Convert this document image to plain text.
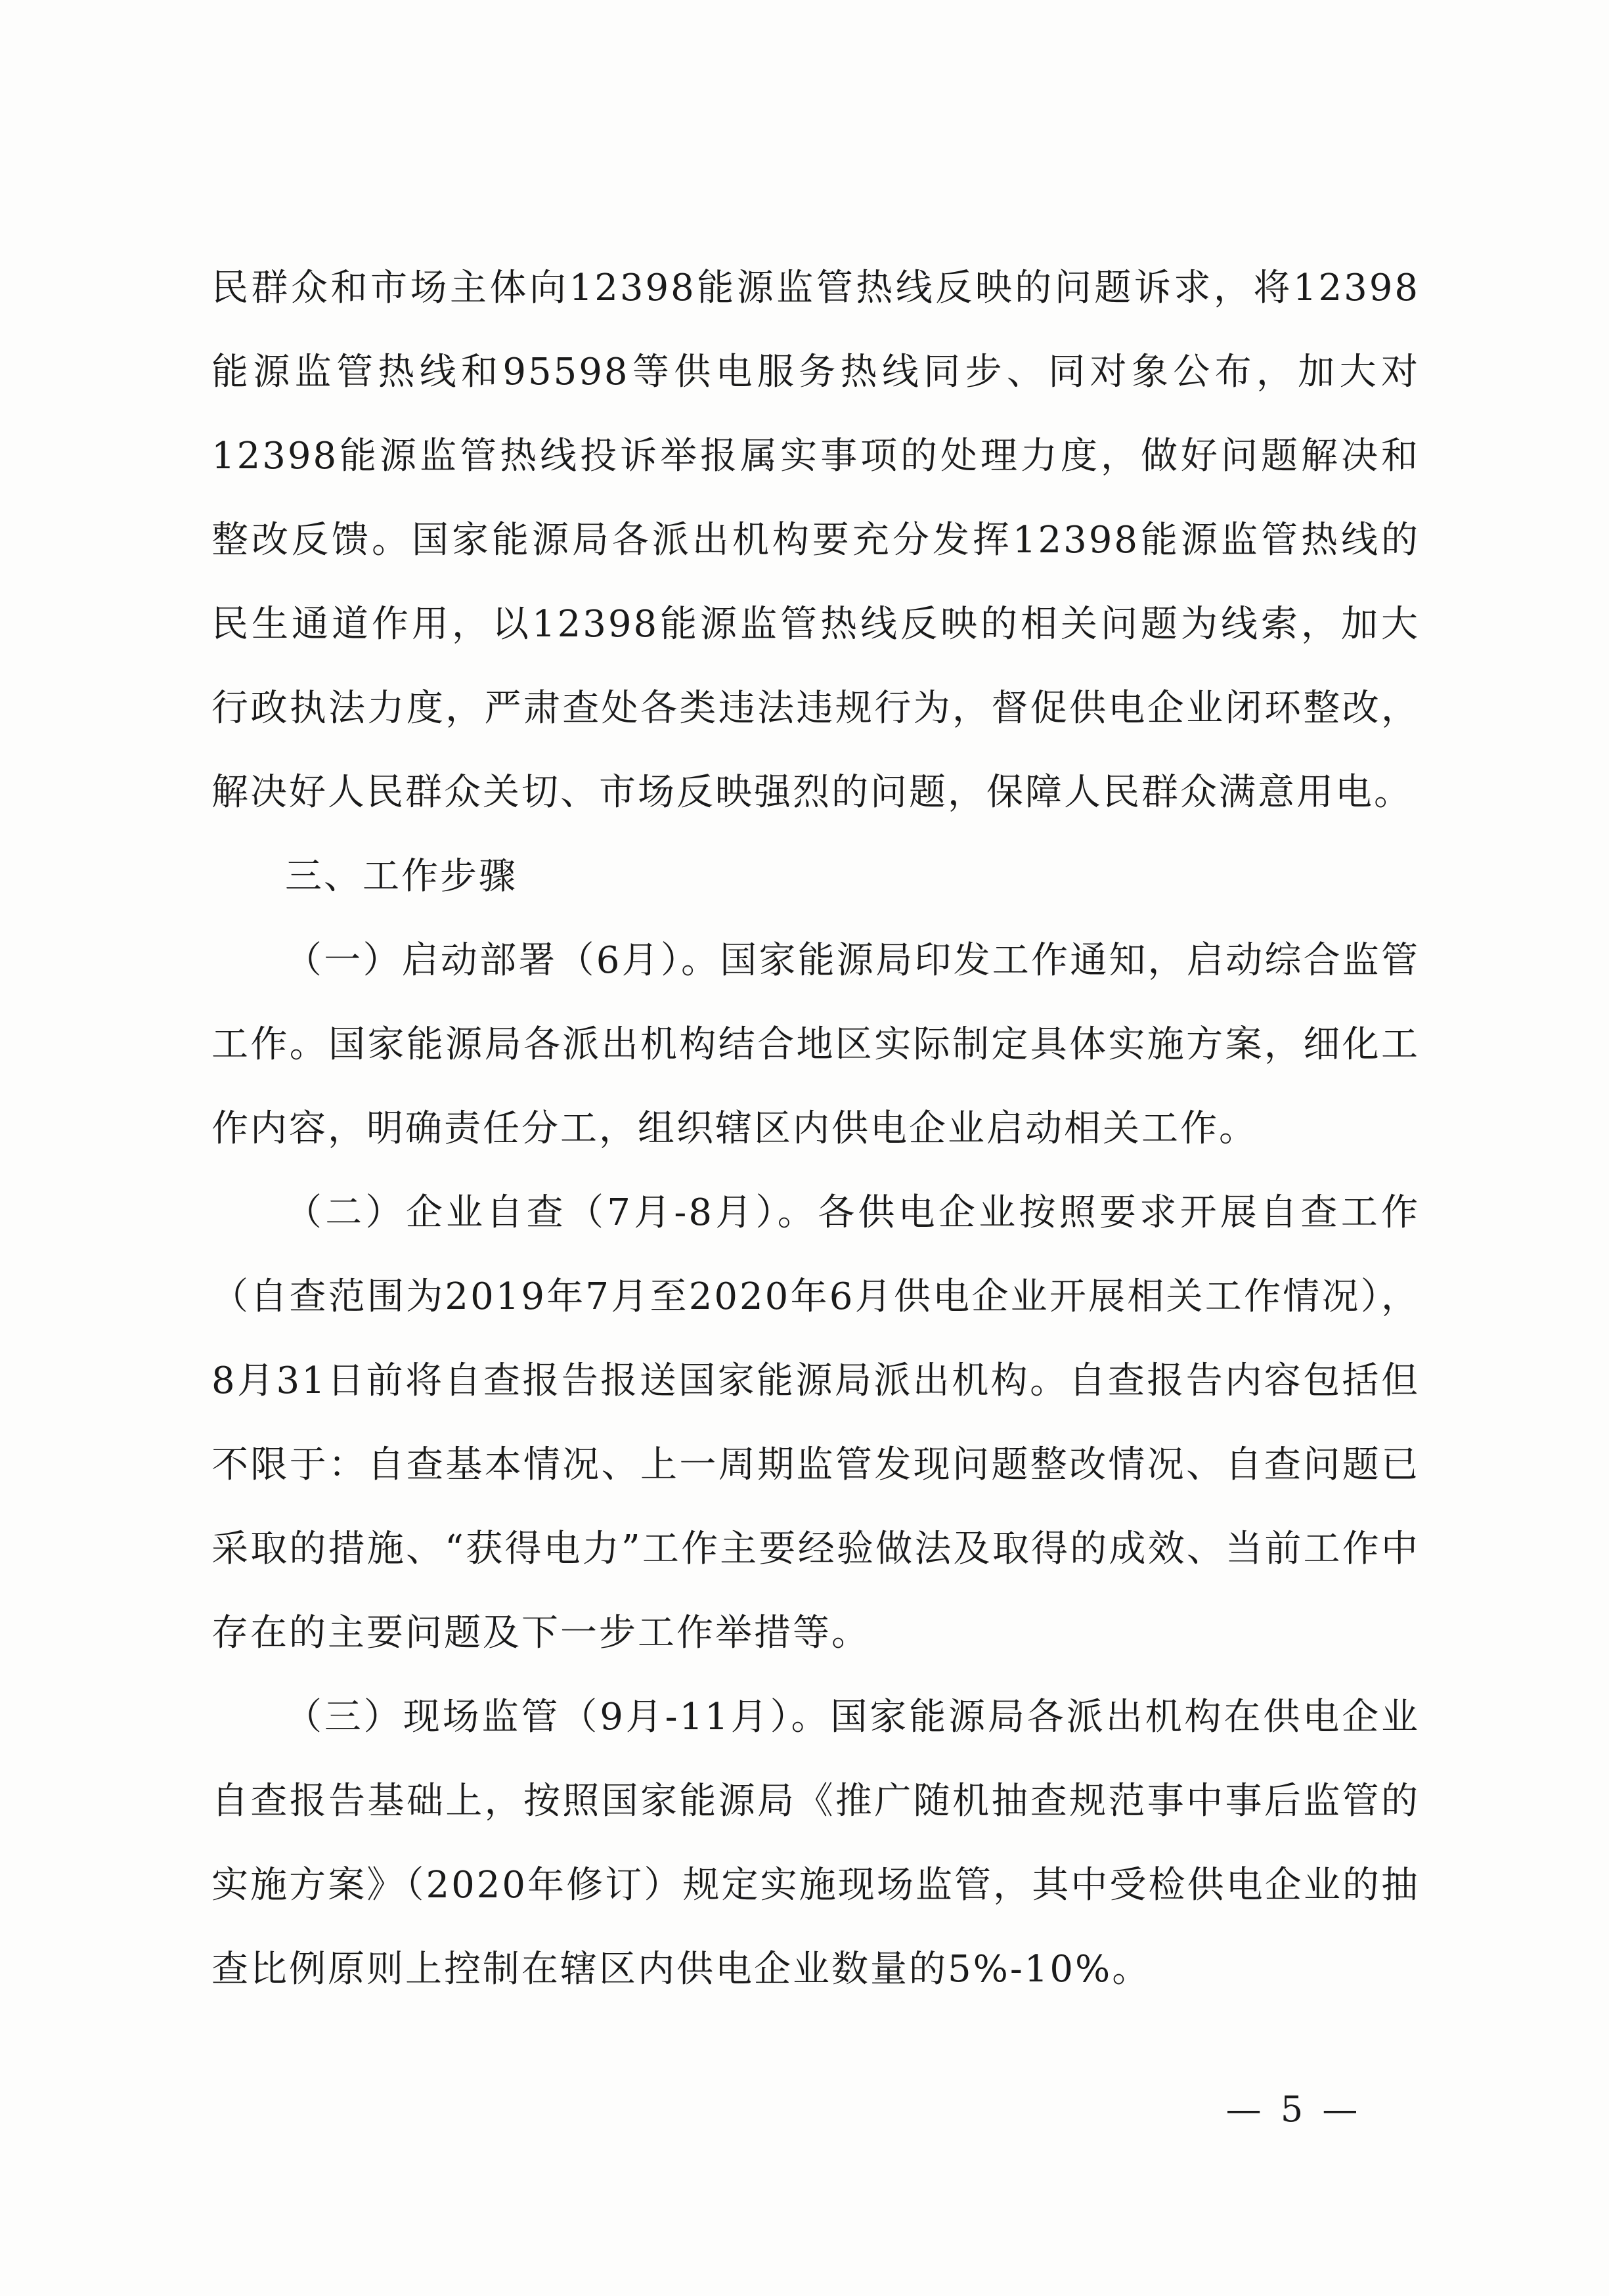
民群众和市场主体向12398能源监管热线反映的问题诉求，将12398能源监管热线和95598等供电服务热线同步、同对象公布，加大对12398能源监管热线投诉举报属实事项的处理力度，做好问题解决和整改反馈。国家能源局各派出机构要充分发挥12398能源监管热线的民生通道作用，以12398能源监管热线反映的相关问题为线索，加大行政执法力度，严肃查处各类违法违规行为，督促供电企业闭环整改，解决好人民群众关切、市场反映强烈的问题，保障人民群众满意用电。

三、工作步骤

（一）启动部署（6月）。国家能源局印发工作通知，启动综合监管工作。国家能源局各派出机构结合地区实际制定具体实施方案，细化工作内容，明确责任分工，组织辖区内供电企业启动相关工作。

（二）企业自查（7月-8月）。各供电企业按照要求开展自查工作（自查范围为2019年7月至2020年6月供电企业开展相关工作情况），8月31日前将自查报告报送国家能源局派出机构。自查报告内容包括但不限于：自查基本情况、上一周期监管发现问题整改情况、自查问题已采取的措施、“获得电力”工作主要经验做法及取得的成效、当前工作中存在的主要问题及下一步工作举措等。

（三）现场监管（9月-11月）。国家能源局各派出机构在供电企业自查报告基础上，按照国家能源局《推广随机抽查规范事中事后监管的实施方案》（2020年修订）规定实施现场监管，其中受检供电企业的抽查比例原则上控制在辖区内供电企业数量的5%-10%。

— 5 —
